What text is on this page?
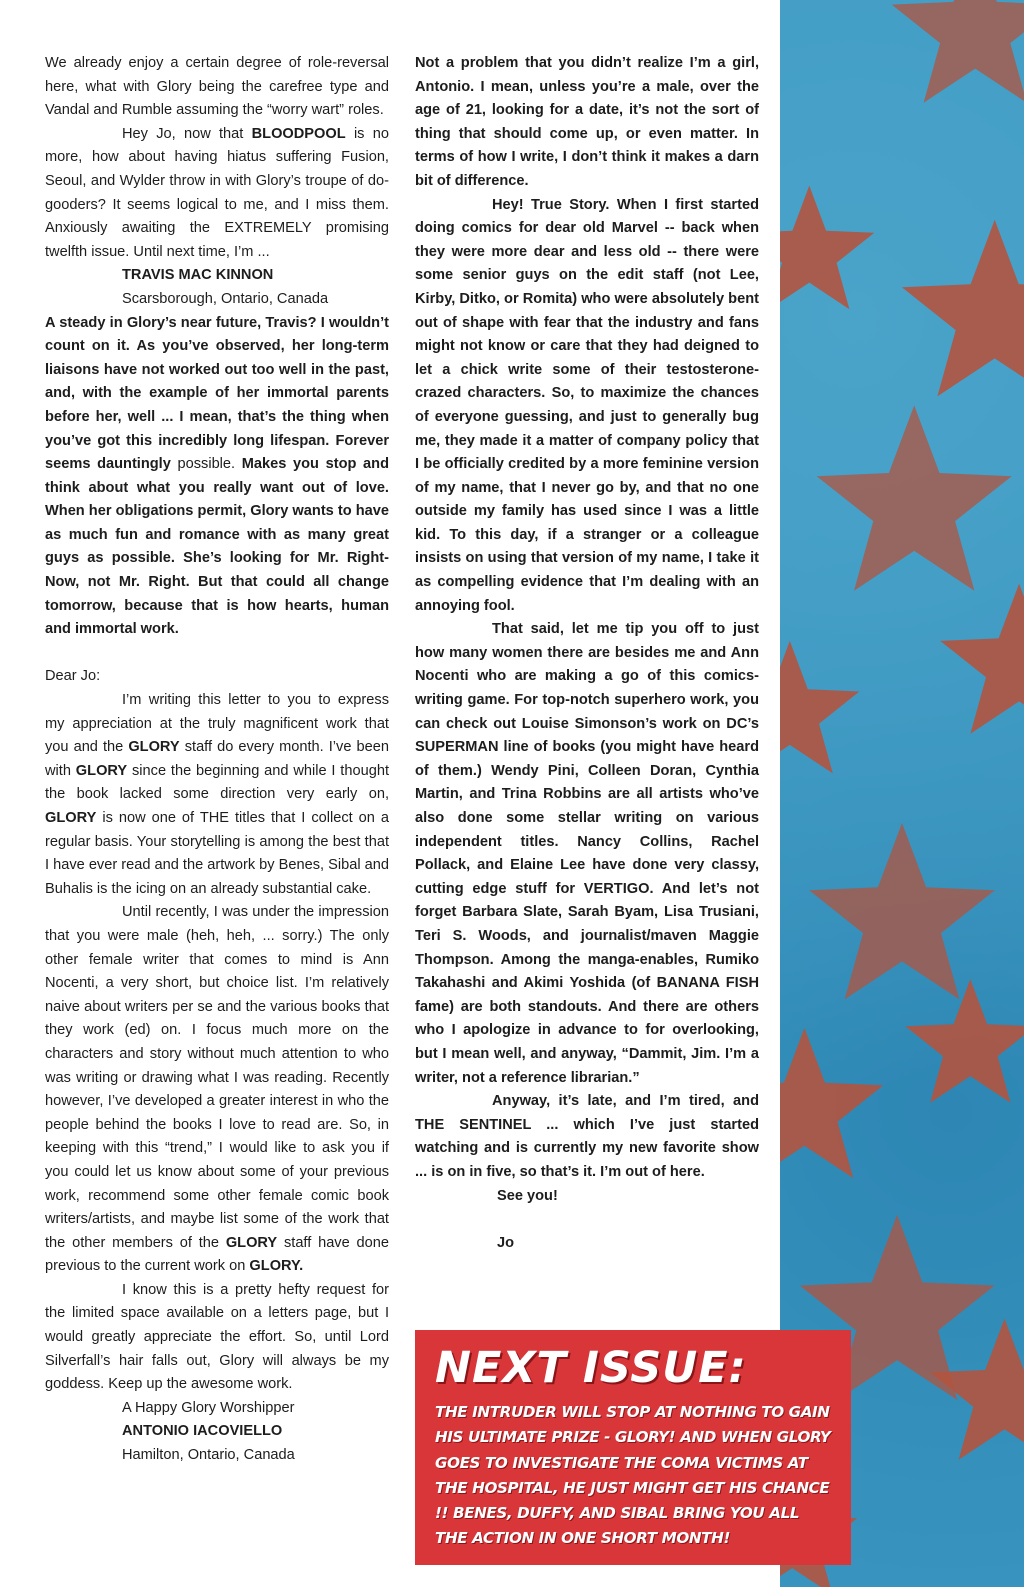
We already enjoy a certain degree of role-reversal here, what with Glory being the carefree type and Vandal and Rumble assuming the “worry wart” roles.

Hey Jo, now that BLOODPOOL is no more, how about having hiatus suffering Fusion, Seoul, and Wylder throw in with Glory’s troupe of do-gooders? It seems logical to me, and I miss them. Anxiously awaiting the EXTREMELY promising twelfth issue. Until next time, I’m ...

TRAVIS MAC KINNON

Scarsborough, Ontario, Canada

A steady in Glory’s near future, Travis? I wouldn’t count on it. As you’ve observed, her long-term liaisons have not worked out too well in the past, and, with the example of her immortal parents before her, well ... I mean, that’s the thing when you’ve got this incredibly long lifespan. Forever seems dauntingly possible. Makes you stop and think about what you really want out of love. When her obligations permit, Glory wants to have as much fun and romance with as many great guys as possible. She’s looking for Mr. Right-Now, not Mr. Right. But that could all change tomorrow, because that is how hearts, human and immortal work.

Dear Jo:

I’m writing this letter to you to express my appreciation at the truly magnificent work that you and the GLORY staff do every month. I’ve been with GLORY since the beginning and while I thought the book lacked some direction very early on, GLORY is now one of THE titles that I collect on a regular basis. Your storytelling is among the best that I have ever read and the artwork by Benes, Sibal and Buhalis is the icing on an already substantial cake.

Until recently, I was under the impression that you were male (heh, heh, ... sorry.) The only other female writer that comes to mind is Ann Nocenti, a very short, but choice list. I’m relatively naive about writers per se and the various books that they work (ed) on. I focus much more on the characters and story without much attention to who was writing or drawing what I was reading. Recently however, I’ve developed a greater interest in who the people behind the books I love to read are. So, in keeping with this “trend,” I would like to ask you if you could let us know about some of your previous work, recommend some other female comic book writers/artists, and maybe list some of the work that the other members of the GLORY staff have done previous to the current work on GLORY.

I know this is a pretty hefty request for the limited space available on a letters page, but I would greatly appreciate the effort. So, until Lord Silverfall’s hair falls out, Glory will always be my goddess. Keep up the awesome work.

A Happy Glory Worshipper

ANTONIO IACOVIELLO

Hamilton, Ontario, Canada

Not a problem that you didn’t realize I’m a girl, Antonio. I mean, unless you’re a male, over the age of 21, looking for a date, it’s not the sort of thing that should come up, or even matter. In terms of how I write, I don’t think it makes a darn bit of difference.

Hey! True Story. When I first started doing comics for dear old Marvel -- back when they were more dear and less old -- there were some senior guys on the edit staff (not Lee, Kirby, Ditko, or Romita) who were absolutely bent out of shape with fear that the industry and fans might not know or care that they had deigned to let a chick write some of their testosterone-crazed characters. So, to maximize the chances of everyone guessing, and just to generally bug me, they made it a matter of company policy that I be officially credited by a more feminine version of my name, that I never go by, and that no one outside my family has used since I was a little kid. To this day, if a stranger or a colleague insists on using that version of my name, I take it as compelling evidence that I’m dealing with an annoying fool.

That said, let me tip you off to just how many women there are besides me and Ann Nocenti who are making a go of this comics-writing game. For top-notch superhero work, you can check out Louise Simonson’s work on DC’s SUPERMAN line of books (you might have heard of them.) Wendy Pini, Colleen Doran, Cynthia Martin, and Trina Robbins are all artists who’ve also done some stellar writing on various independent titles. Nancy Collins, Rachel Pollack, and Elaine Lee have done very classy, cutting edge stuff for VERTIGO. And let’s not forget Barbara Slate, Sarah Byam, Lisa Trusiani, Teri S. Woods, and journalist/maven Maggie Thompson. Among the manga-enables, Rumiko Takahashi and Akimi Yoshida (of BANANA FISH fame) are both standouts. And there are others who I apologize in advance to for overlooking, but I mean well, and anyway, “Dammit, Jim. I’m a writer, not a reference librarian.”

Anyway, it’s late, and I’m tired, and THE SENTINEL ... which I’ve just started watching and is currently my new favorite show ... is on in five, so that’s it. I’m out of here.

See you!

Jo

NEXT ISSUE:
THE INTRUDER WILL STOP AT NOTHING TO GAIN HIS ULTIMATE PRIZE - GLORY! AND WHEN GLORY GOES TO INVESTIGATE THE COMA VICTIMS AT THE HOSPITAL, HE JUST MIGHT GET HIS CHANCE !! BENES, DUFFY, AND SIBAL BRING YOU ALL THE ACTION IN ONE SHORT MONTH!
